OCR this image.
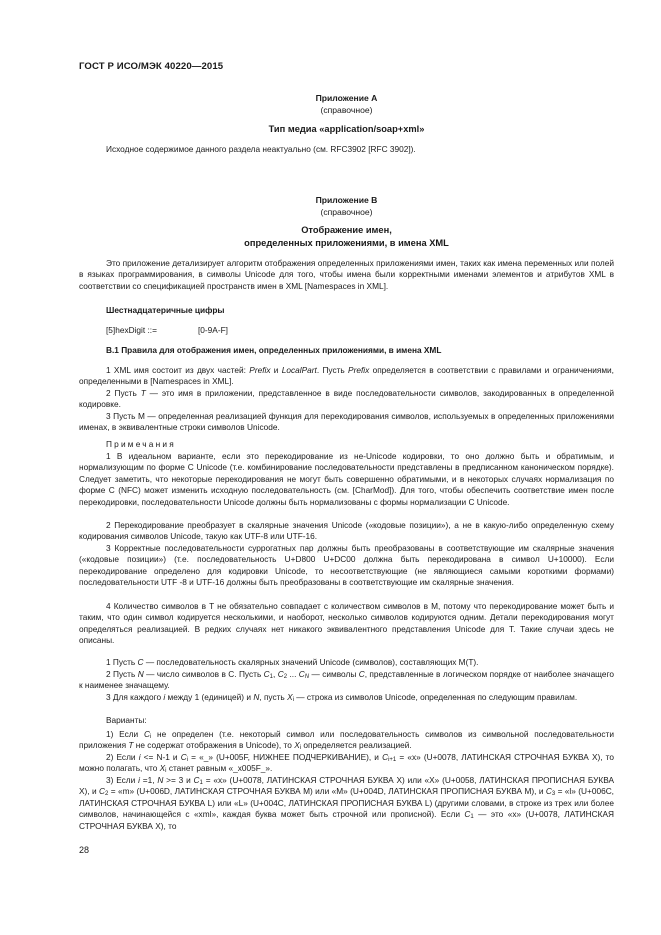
ГОСТ Р ИСО/МЭК 40220—2015
Приложение А
(справочное)
Тип медиа «application/soap+xml»
Исходное содержимое данного раздела неактуально (см. RFC3902 [RFC 3902]).
Приложение В
(справочное)
Отображение имен,
определенных приложениями, в имена XML
Это приложение детализирует алгоритм отображения определенных приложениями имен, таких как имена переменных или полей в языках программирования, в символы Unicode для того, чтобы имена были корректными именами элементов и атрибутов XML в соответствии со спецификацией пространств имен в XML [Namespaces in XML].
Шестнадцатеричные цифры
[5]hexDigit ::=	[0-9A-F]
В.1 Правила для отображения имен, определенных приложениями, в имена XML
1 XML имя состоит из двух частей: Prefix и LocalPart. Пусть Prefix определяется в соответствии с правилами и ограничениями, определенными в [Namespaces in XML].
2 Пусть T — это имя в приложении, представленное в виде последовательности символов, закодированных в определенной кодировке.
3 Пусть M — определенная реализацией функция для перекодирования символов, используемых в определенных приложениями именах, в эквивалентные строки символов Unicode.
Примечания
1 В идеальном варианте, если это перекодирование из не-Unicode кодировки, то оно должно быть и обратимым, и нормализующим по форме C Unicode (т.е. комбинирование последовательности представлены в предписанном каноническом порядке). Следует заметить, что некоторые перекодирования не могут быть совершенно обратимыми, и в некоторых случаях нормализация по форме C (NFC) может изменить исходную последовательность (см. [CharMod]). Для того, чтобы обеспечить соответствие имен после перекодировки, последовательности Unicode должны быть нормализованы с формы нормализации C Unicode.
2 Перекодирование преобразует в скалярные значения Unicode («кодовые позиции»), а не в какую-либо определенную схему кодирования символов Unicode, такую как UTF-8 или UTF-16.
3 Корректные последовательности суррогатных пар должны быть преобразованы в соответствующие им скалярные значения («кодовые позиции») (т.е. последовательность U+D800 U+DC00 должна быть перекодирована в символ U+10000). Если перекодирование определено для кодировки Unicode, то несоответствующие (не являющиеся самыми короткими формами) последовательности UTF -8 и UTF-16 должны быть преобразованы в соответствующие им скалярные значения.
4 Количество символов в T не обязательно совпадает с количеством символов в M, потому что перекодирование может быть и таким, что один символ кодируется несколькими, и наоборот, несколько символов кодируются одним. Детали перекодирования могут определяться реализацией. В редких случаях нет никакого эквивалентного представления Unicode для T. Такие случаи здесь не описаны.
1 Пусть C — последовательность скалярных значений Unicode (символов), составляющих M(T).
2 Пусть N — число символов в C. Пусть $C_1$, $C_2$ ... $C_N$ — символы C, представленные в логическом порядке от наиболее значащего к наименее значащему.
3 Для каждого i между 1 (единицей) и N, пусть $X_i$ — строка из символов Unicode, определенная по следующим правилам.
Варианты:
1) Если $C_i$ не определен (т.е. некоторый символ или последовательность символов из символьной последовательности приложения T не содержат отображения в Unicode), то $X_i$ определяется реализацией.
2) Если i <= N-1 и $C_i$ = «_» (U+005F, НИЖНЕЕ ПОДЧЕРКИВАНИЕ), и $C_{i+1}$ = «x» (U+0078, ЛАТИНСКАЯ СТРОЧНАЯ БУКВА X), то можно полагать, что $X_i$ станет равным «_x005F_».
3) Если i =1, N >= 3 и $C_1$ = «x» (U+0078, ЛАТИНСКАЯ СТРОЧНАЯ БУКВА X) или «X» (U+0058, ЛАТИНСКАЯ ПРОПИСНАЯ БУКВА X), и $C_2$ = «m» (U+006D, ЛАТИНСКАЯ СТРОЧНАЯ БУКВА M) или «M» (U+004D, ЛАТИНСКАЯ ПРОПИСНАЯ БУКВА M), и $C_3$ = «l» (U+006C, ЛАТИНСКАЯ СТРОЧНАЯ БУКВА L) или «L» (U+004C, ЛАТИНСКАЯ ПРОПИСНАЯ БУКВА L) (другими словами, в строке из трех или более символов, начинающейся с «xml», каждая буква может быть строчной или прописной). Если $C_1$ — это «x» (U+0078, ЛАТИНСКАЯ СТРОЧНАЯ БУКВА X), то
28
